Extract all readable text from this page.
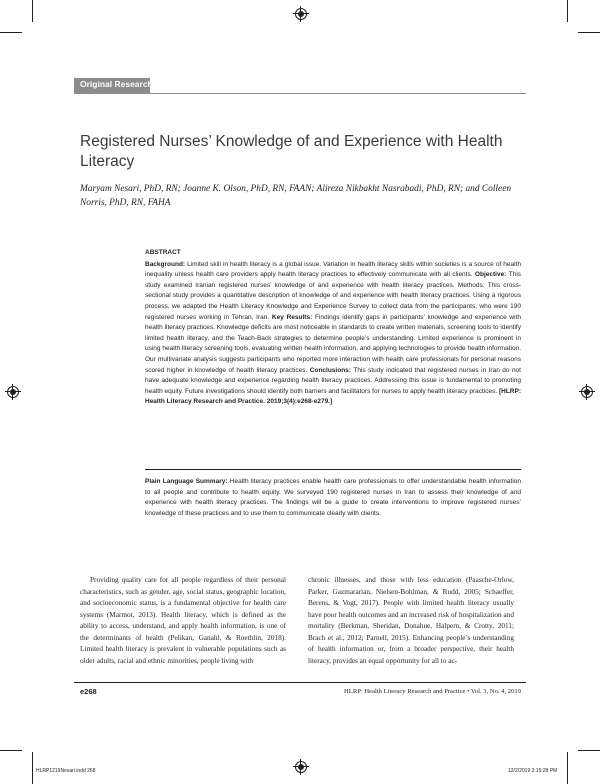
Original Research
Registered Nurses’ Knowledge of and Experience with Health Literacy
Maryam Nesari, PhD, RN; Joanne K. Olson, PhD, RN, FAAN; Alireza Nikbakht Nasrabadi, PhD, RN; and Colleen Norris, PhD, RN, FAHA
ABSTRACT
Background: Limited skill in health literacy is a global issue. Variation in health literacy skills within societies is a source of health inequality unless health care providers apply health literacy practices to effectively communicate with all clients. Objective: This study examined Iranian registered nurses’ knowledge of and experience with health literacy practices. Methods: This cross-sectional study provides a quantitative description of knowledge of and experience with health literacy practices. Using a rigorous process, we adapted the Health Literacy Knowledge and Experience Survey to collect data from the participants, who were 190 registered nurses working in Tehran, Iran. Key Results: Findings identify gaps in participants’ knowledge and experience with health literacy practices. Knowledge deficits are most noticeable in standards to create written materials, screening tools to identify limited health literacy, and the Teach-Back strategies to determine people’s understanding. Limited experience is prominent in using health literacy screening tools, evaluating written health information, and applying technologies to provide health information. Our multivariate analysis suggests participants who reported more interaction with health care professionals for personal reasons scored higher in knowledge of health literacy practices. Conclusions: This study indicated that registered nurses in Iran do not have adequate knowledge and experience regarding health literacy practices. Addressing this issue is fundamental to promoting health equity. Future investigations should identify both barriers and facilitators for nurses to apply health literacy practices. [HLRP: Health Literacy Research and Practice. 2019;3(4):e268-e279.]
Plain Language Summary: Health literacy practices enable health care professionals to offer understandable health information to all people and contribute to health equity. We surveyed 190 registered nurses in Iran to assess their knowledge of and experience with health literacy practices. The findings will be a guide to create interventions to improve registered nurses’ knowledge of these practices and to use them to communicate clearly with clients.
Providing quality care for all people regardless of their personal characteristics, such as gender, age, social status, geographic location, and socioeconomic status, is a fundamental objective for health care systems (Marmot, 2013). Health literacy, which is defined as the ability to access, understand, and apply health information, is one of the determinants of health (Pelikan, Ganahl, & Roethlin, 2018). Limited health literacy is prevalent in vulnerable populations such as older adults, racial and ethnic minorities, people living with
chronic illnesses, and those with less education (Paasche-Orlow, Parker, Gazmararian, Nielsen-Bohlman, & Rudd, 2005; Schaeffer, Berens, & Vogt, 2017). People with limited health literacy usually have poor health outcomes and an increased risk of hospitalization and mortality (Berkman, Sheridan, Donahue, Halpern, & Crotty, 2011; Brach et al., 2012; Parnell, 2015). Enhancing people’s understanding of health information or, from a broader perspective, their health literacy, provides an equal opportunity for all to ac-
e268	HLRP: Health Literacy Research and Practice • Vol. 3, No. 4, 2019
HLRP1219Nesari.indd 268	12/2/2019 2:15:28 PM
